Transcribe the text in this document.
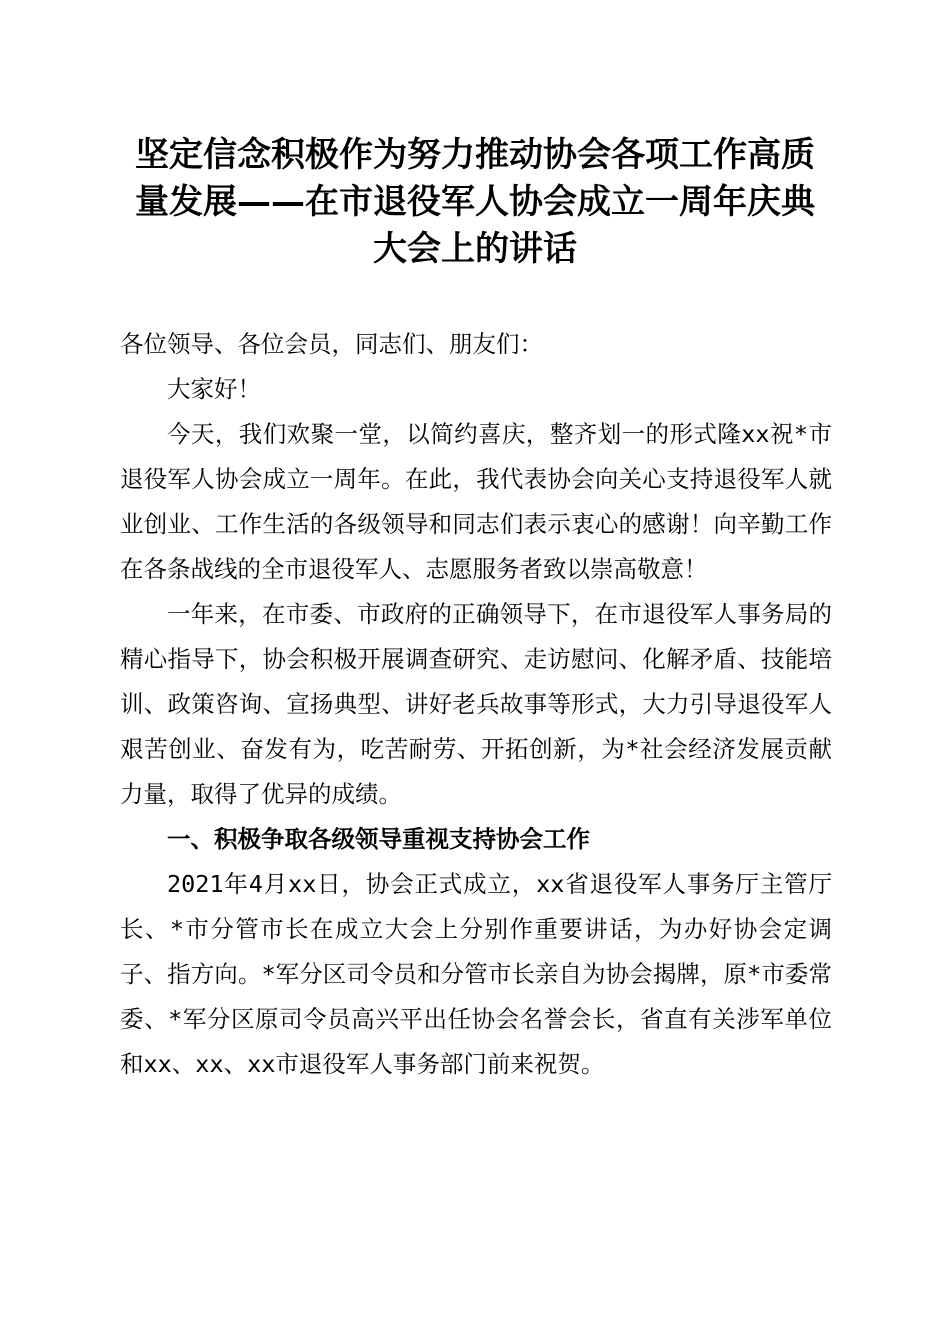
坚定信念积极作为努力推动协会各项工作高质
量发展——在市退役军人协会成立一周年庆典
大会上的讲话

各位领导、各位会员，同志们、朋友们：

大家好！

今天，我们欢聚一堂，以简约喜庆，整齐划一的形式隆xx祝*市退役军人协会成立一周年。在此，我代表协会向关心支持退役军人就业创业、工作生活的各级领导和同志们表示衷心的感谢！向辛勤工作在各条战线的全市退役军人、志愿服务者致以崇高敬意！

一年来，在市委、市政府的正确领导下，在市退役军人事务局的精心指导下，协会积极开展调查研究、走访慰问、化解矛盾、技能培训、政策咨询、宣扬典型、讲好老兵故事等形式，大力引导退役军人艰苦创业、奋发有为，吃苦耐劳、开拓创新，为*社会经济发展贡献力量，取得了优异的成绩。

一、积极争取各级领导重视支持协会工作

2021年4月xx日，协会正式成立，xx省退役军人事务厅主管厅长、*市分管市长在成立大会上分别作重要讲话，为办好协会定调子、指方向。*军分区司令员和分管市长亲自为协会揭牌，原*市委常委、*军分区原司令员高兴平出任协会名誉会长，省直有关涉军单位和xx、xx、xx市退役军人事务部门前来祝贺。
